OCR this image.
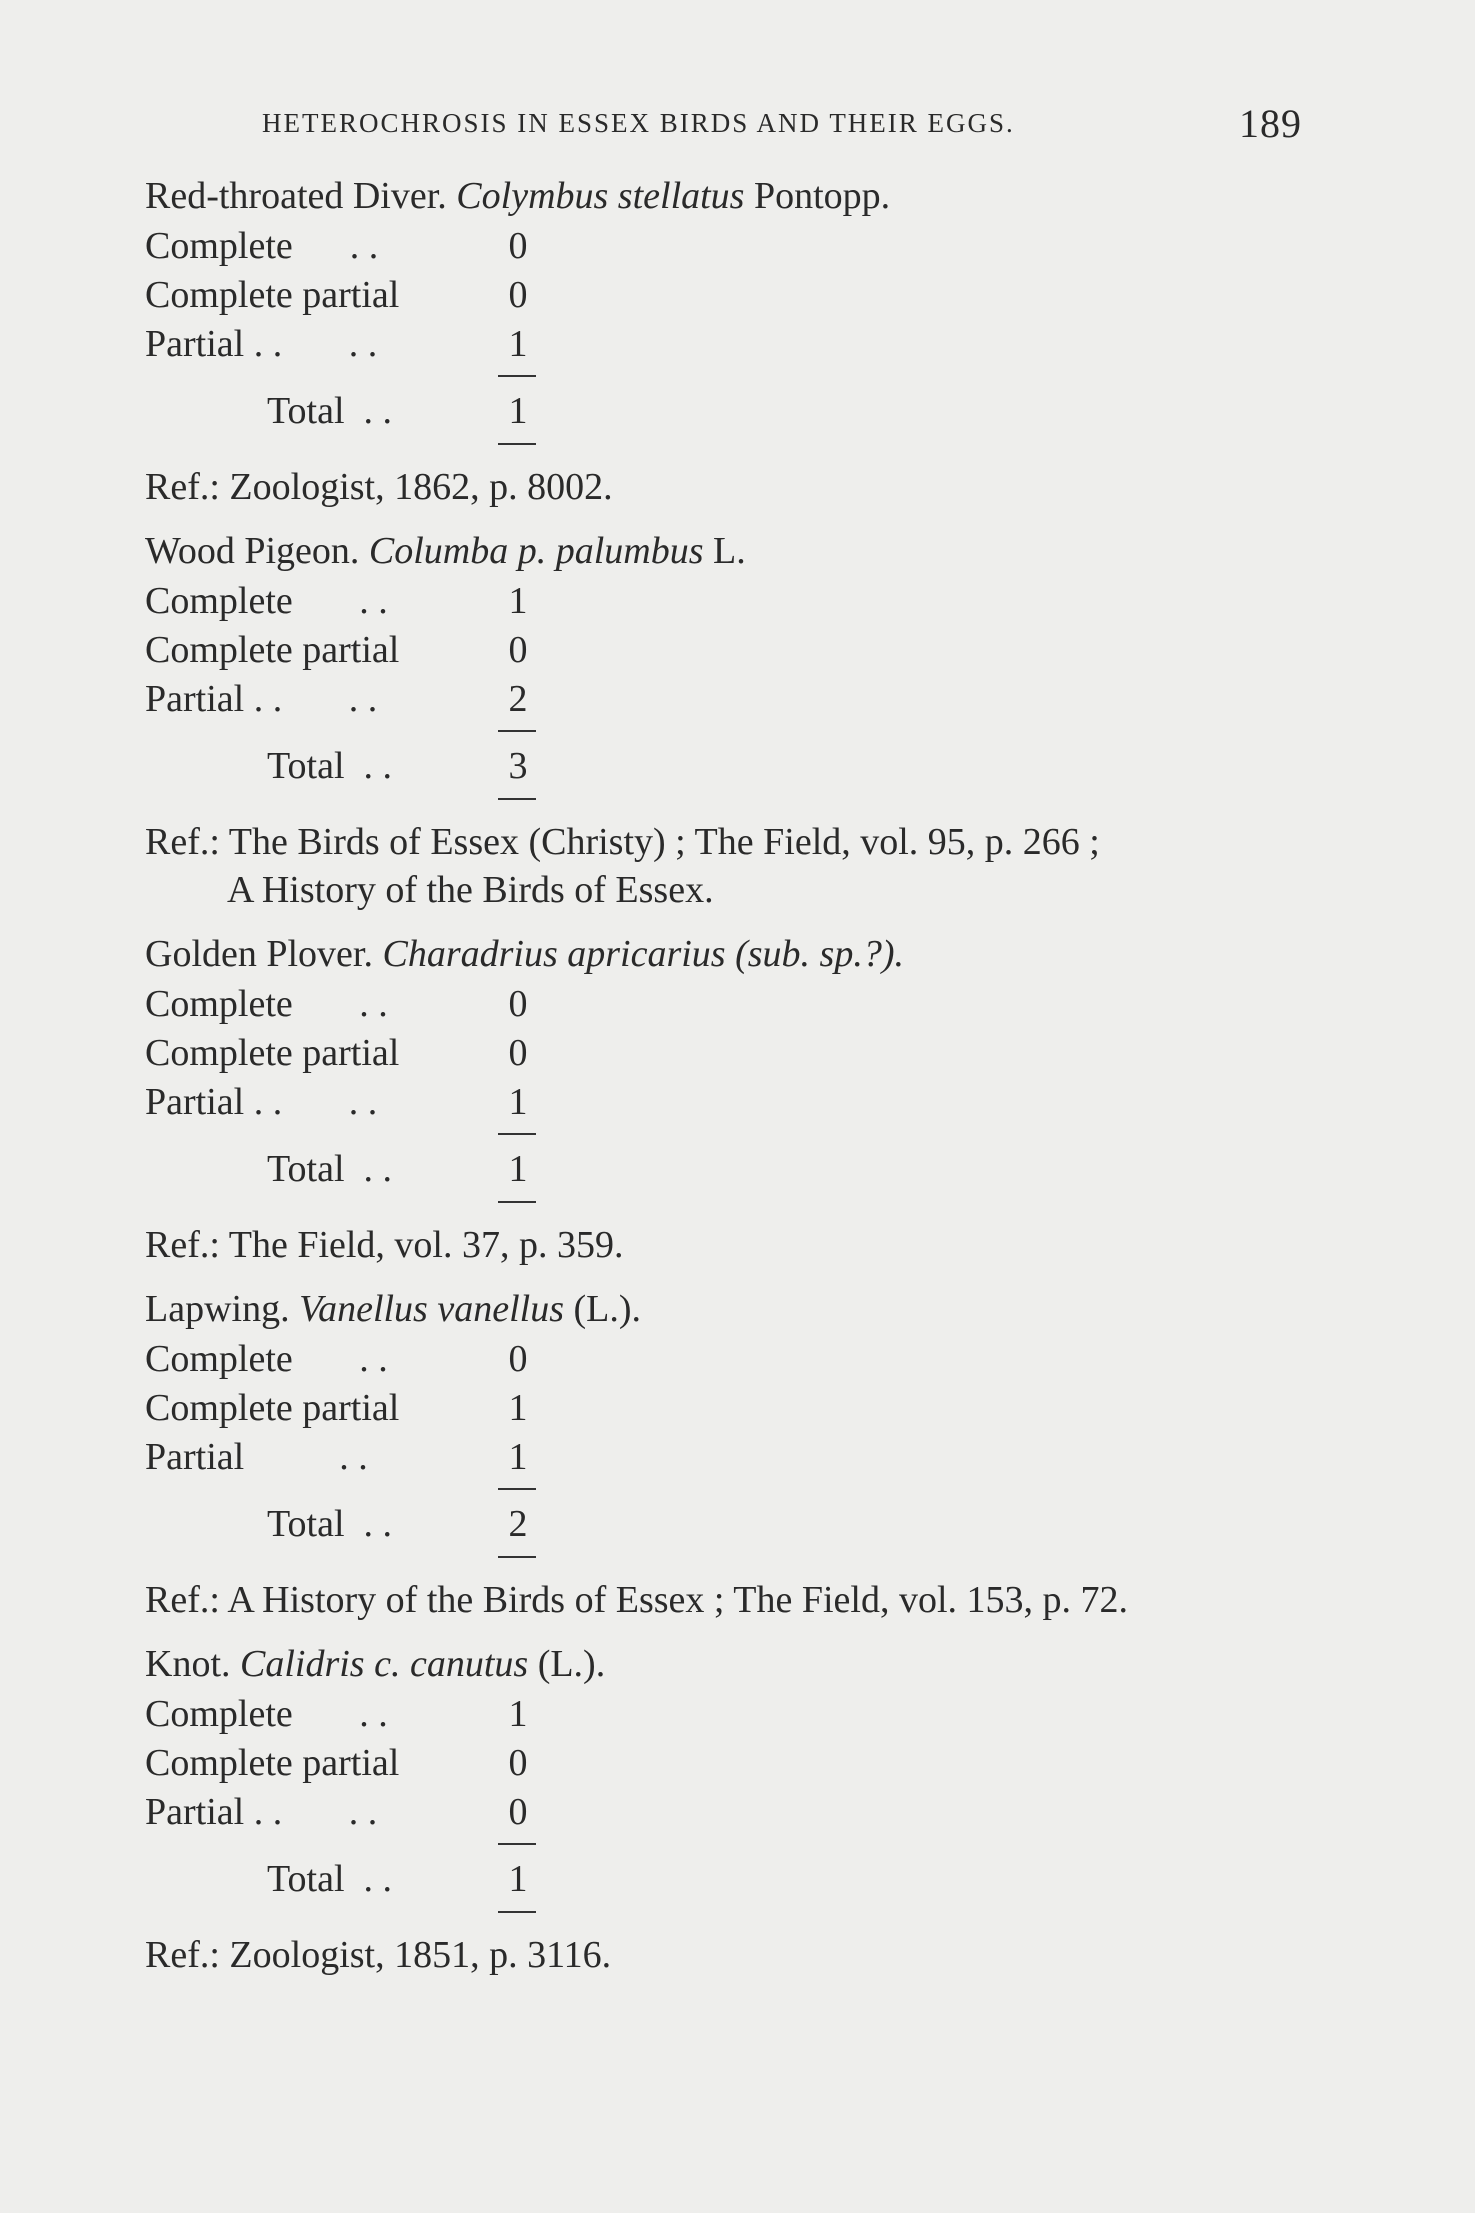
HETEROCHROSIS IN ESSEX BIRDS AND THEIR EGGS.	189
Red-throated Diver. Colymbus stellatus Pontopp.
Complete      . .	0
Complete partial	0
Partial . .       . .	1
Total  . .	1
Ref.: Zoologist, 1862, p. 8002.
Wood Pigeon. Columba p. palumbus L.
Complete       . .	1
Complete partial	0
Partial . .       . .	2
Total  . .	3
Ref.: The Birds of Essex (Christy) ; The Field, vol. 95, p. 266 ;
A History of the Birds of Essex.
Golden Plover. Charadrius apricarius (sub. sp.?).
Complete       . .	0
Complete partial	0
Partial . .       . .	1
Total  . .	1
Ref.: The Field, vol. 37, p. 359.
Lapwing. Vanellus vanellus (L.).
Complete       . .	0
Complete partial	1
Partial          . .	1
Total  . .	2
Ref.: A History of the Birds of Essex ; The Field, vol. 153, p. 72.
Knot. Calidris c. canutus (L.).
Complete       . .	1
Complete partial	0
Partial . .       . .	0
Total  . .	1
Ref.: Zoologist, 1851, p. 3116.
